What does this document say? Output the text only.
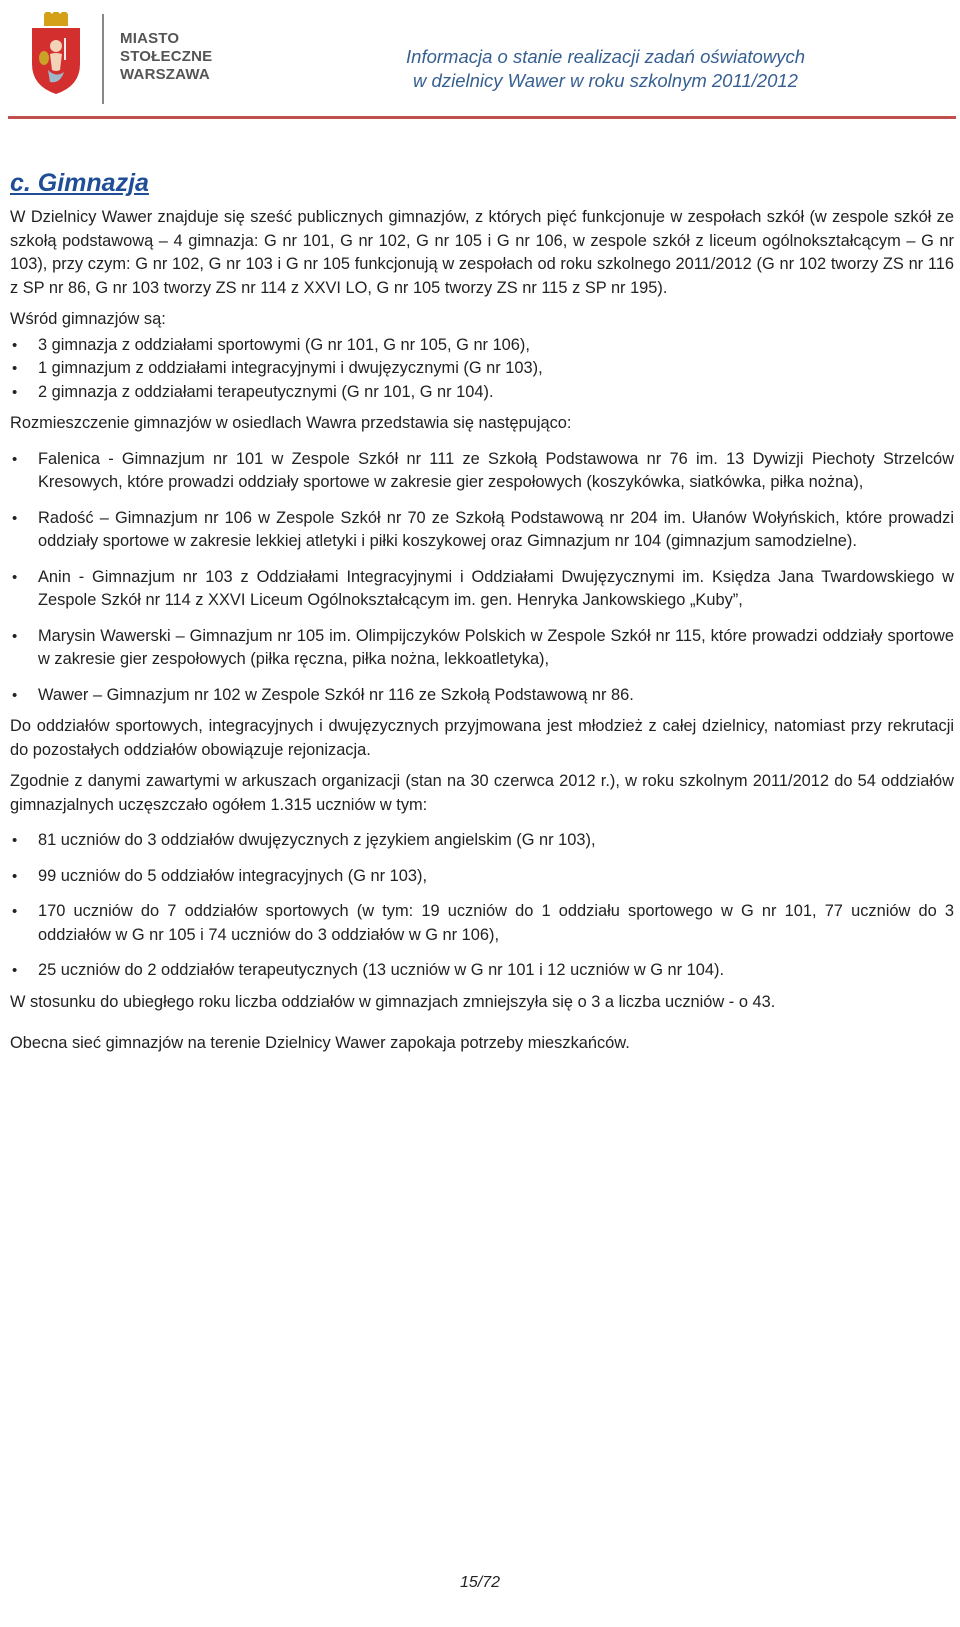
MIASTO
STOŁECZNE
WARSZAWA
Informacja o stanie realizacji zadań oświatowych
w dzielnicy Wawer w roku szkolnym 2011/2012
c. Gimnazja

W Dzielnicy Wawer znajduje się sześć publicznych gimnazjów, z których pięć funkcjonuje w zespołach szkół (w zespole szkół ze szkołą podstawową – 4 gimnazja: G nr 101, G nr 102, G nr 105 i G nr 106, w zespole szkół z liceum ogólnokształcącym – G nr 103), przy czym: G nr 102, G nr 103 i G nr 105 funkcjonują w zespołach od roku szkolnego 2011/2012 (G nr 102 tworzy ZS nr 116 z SP nr 86, G nr 103 tworzy ZS nr 114 z XXVI LO, G nr 105 tworzy ZS nr 115 z SP nr 195).

Wśród gimnazjów są:

• 3 gimnazja z oddziałami sportowymi (G nr 101, G nr 105, G nr 106),
• 1 gimnazjum z oddziałami integracyjnymi i dwujęzycznymi (G nr 103),
• 2 gimnazja z oddziałami terapeutycznymi (G nr 101, G nr 104).

Rozmieszczenie gimnazjów w osiedlach Wawra przedstawia się następująco:

• Falenica - Gimnazjum nr 101 w Zespole Szkół nr 111 ze Szkołą Podstawowa nr 76 im. 13 Dywizji Piechoty Strzelców Kresowych, które prowadzi oddziały sportowe w zakresie gier zespołowych (koszykówka, siatkówka, piłka nożna),
• Radość – Gimnazjum nr 106 w Zespole Szkół nr 70 ze Szkołą Podstawową nr 204 im. Ułanów Wołyńskich, które prowadzi oddziały sportowe w zakresie lekkiej atletyki i piłki koszykowej oraz Gimnazjum nr 104 (gimnazjum samodzielne).
• Anin - Gimnazjum nr 103 z Oddziałami Integracyjnymi i Oddziałami Dwujęzycznymi im. Księdza Jana Twardowskiego w Zespole Szkół nr 114 z XXVI Liceum Ogólnokształcącym im. gen. Henryka Jankowskiego „Kuby”,
• Marysin Wawerski – Gimnazjum nr 105 im. Olimpijczyków Polskich w Zespole Szkół nr 115, które prowadzi oddziały sportowe w zakresie gier zespołowych (piłka ręczna, piłka nożna, lekkoatletyka),
• Wawer – Gimnazjum nr 102 w Zespole Szkół nr 116 ze Szkołą Podstawową nr 86.

Do oddziałów sportowych, integracyjnych i dwujęzycznych przyjmowana jest młodzież z całej dzielnicy, natomiast przy rekrutacji do pozostałych oddziałów obowiązuje rejonizacja.

Zgodnie z danymi zawartymi w arkuszach organizacji (stan na 30 czerwca 2012 r.), w roku szkolnym 2011/2012 do 54 oddziałów gimnazjalnych uczęszczało ogółem 1.315 uczniów w tym:

• 81 uczniów do 3 oddziałów dwujęzycznych z językiem angielskim (G nr 103),
• 99 uczniów do 5 oddziałów integracyjnych (G nr 103),
• 170 uczniów do 7 oddziałów sportowych (w tym: 19 uczniów do 1 oddziału sportowego w G nr 101, 77 uczniów do 3 oddziałów w G nr 105 i 74 uczniów do 3 oddziałów w G nr 106),
• 25 uczniów do 2 oddziałów terapeutycznych (13 uczniów w G nr 101 i 12 uczniów w G nr 104).

W stosunku do ubiegłego roku liczba oddziałów w gimnazjach zmniejszyła się o 3 a liczba uczniów - o 43.

Obecna sieć gimnazjów na terenie Dzielnicy Wawer zapokaja potrzeby mieszkańców.

15/72
